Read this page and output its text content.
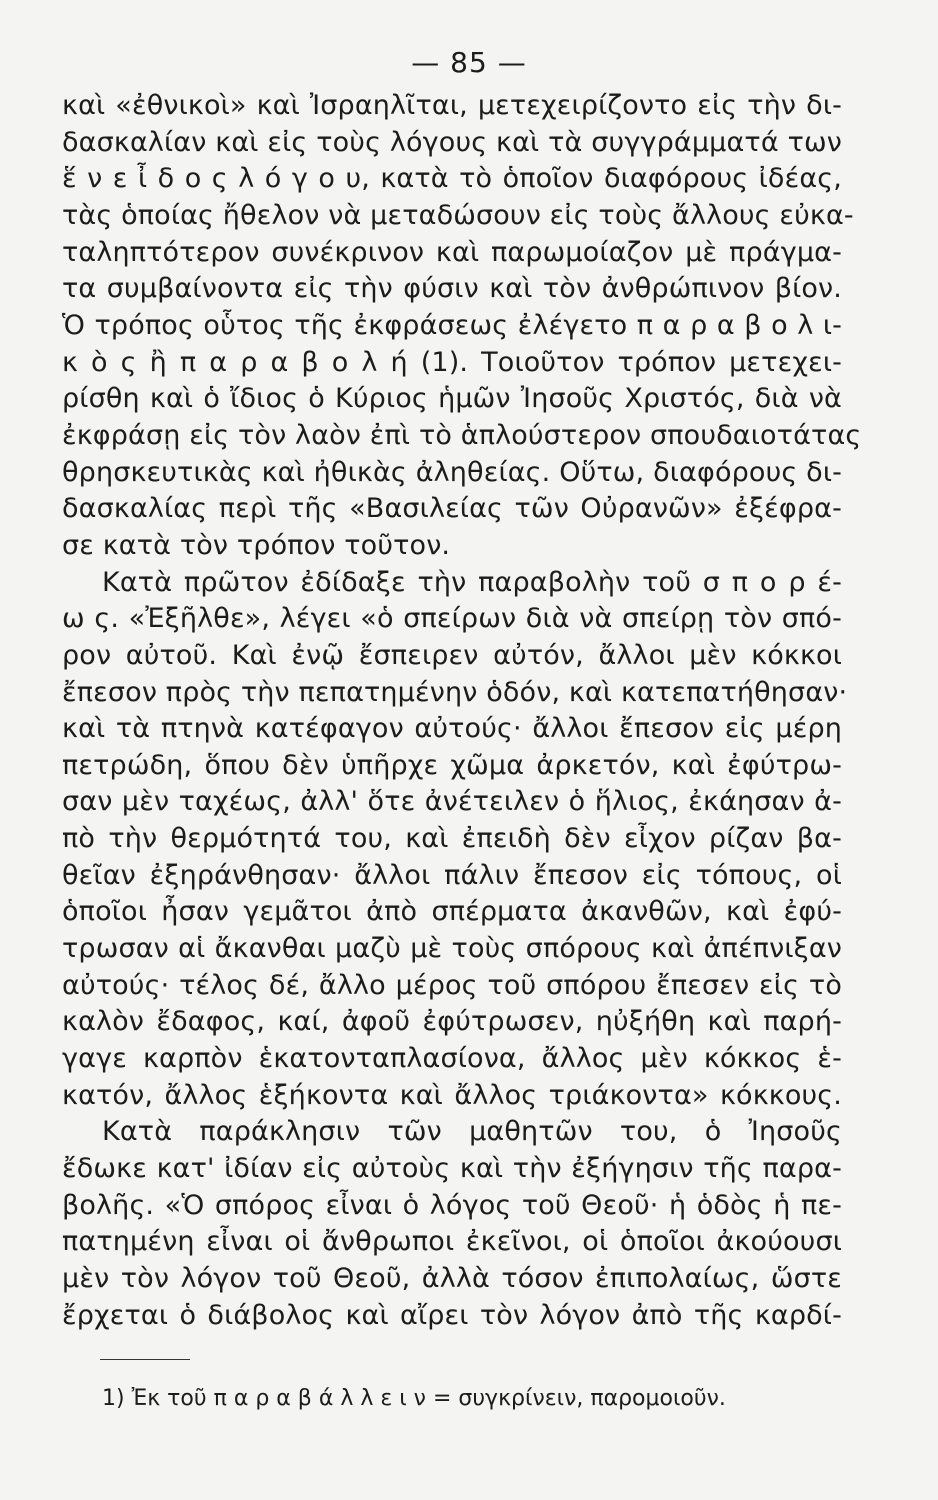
— 85 —
καὶ «ἐθνικοὶ» καὶ Ἰσραηλῖται, μετεχειρίζοντο εἰς τὴν δι-
δασκαλίαν καὶ εἰς τοὺς λόγους καὶ τὰ συγγράμματά των
ἕ ν ε ἶ δ ο ς λ ό γ ο υ, κατὰ τὸ ὁποῖον διαφόρους ἰδέας,
τὰς ὁποίας ἤθελον νὰ μεταδώσουν εἰς τοὺς ἄλλους εὐκα-
ταληπτότερον συνέκρινον καὶ παρωμοίαζον μὲ πράγμα-
τα συμβαίνοντα εἰς τὴν φύσιν καὶ τὸν ἀνθρώπινον βίον.
Ὁ τρόπος οὗτος τῆς ἐκφράσεως ἐλέγετο π α ρ α β ο λ ι-
κ ὸ ς ἢ π α ρ α β ο λ ή (1). Τοιοῦτον τρόπον μετεχει-
ρίσθη καὶ ὁ ἴδιος ὁ Κύριος ἡμῶν Ἰησοῦς Χριστός, διὰ νὰ
ἐκφράσῃ εἰς τὸν λαὸν ἐπὶ τὸ ἁπλούστερον σπουδαιοτάτας
θρησκευτικὰς καὶ ἠθικὰς ἀληθείας. Οὕτω, διαφόρους δι-
δασκαλίας περὶ τῆς «Βασιλείας τῶν Οὐρανῶν» ἐξέφρα-
σε κατὰ τὸν τρόπον τοῦτον.
Κατὰ πρῶτον ἐδίδαξε τὴν παραβολὴν τοῦ σ π ο ρ έ-
ω ς. «Ἐξῆλθε», λέγει «ὁ σπείρων διὰ νὰ σπείρῃ τὸν σπό-
ρον αὐτοῦ. Καὶ ἐνῷ ἔσπειρεν αὐτόν, ἄλλοι μὲν κόκκοι
ἔπεσον πρὸς τὴν πεπατημένην ὁδόν, καὶ κατεπατήθησαν·
καὶ τὰ πτηνὰ κατέφαγον αὐτούς· ἄλλοι ἔπεσον εἰς μέρη
πετρώδη, ὅπου δὲν ὑπῆρχε χῶμα ἀρκετόν, καὶ ἐφύτρω-
σαν μὲν ταχέως, ἀλλ' ὅτε ἀνέτειλεν ὁ ἥλιος, ἐκάησαν ἀ-
πὸ τὴν θερμότητά του, καὶ ἐπειδὴ δὲν εἶχον ρίζαν βα-
θεῖαν ἐξηράνθησαν· ἄλλοι πάλιν ἔπεσον εἰς τόπους, οἱ
ὁποῖοι ἦσαν γεμᾶτοι ἀπὸ σπέρματα ἀκανθῶν, καὶ ἐφύ-
τρωσαν αἱ ἄκανθαι μαζὺ μὲ τοὺς σπόρους καὶ ἀπέπνιξαν
αὐτούς· τέλος δέ, ἄλλο μέρος τοῦ σπόρου ἔπεσεν εἰς τὸ
καλὸν ἔδαφος, καί, ἀφοῦ ἐφύτρωσεν, ηὐξήθη καὶ παρή-
γαγε καρπὸν ἑκατονταπλασίονα, ἄλλος μὲν κόκκος ἑ-
κατόν, ἄλλος ἑξήκοντα καὶ ἄλλος τριάκοντα» κόκκους.
Κατὰ παράκλησιν τῶν μαθητῶν του, ὁ Ἰησοῦς
ἔδωκε κατ' ἰδίαν εἰς αὐτοὺς καὶ τὴν ἐξήγησιν τῆς παρα-
βολῆς. «Ὁ σπόρος εἶναι ὁ λόγος τοῦ Θεοῦ· ἡ ὁδὸς ἡ πε-
πατημένη εἶναι οἱ ἄνθρωποι ἐκεῖνοι, οἱ ὁποῖοι ἀκούουσι
μὲν τὸν λόγον τοῦ Θεοῦ, ἀλλὰ τόσον ἐπιπολαίως, ὥστε
ἔρχεται ὁ διάβολος καὶ αἴρει τὸν λόγον ἀπὸ τῆς καρδί-
1) Ἐκ τοῦ π α ρ α β ά λ λ ε ι ν = συγκρίνειν, παρομοιοῦν.
